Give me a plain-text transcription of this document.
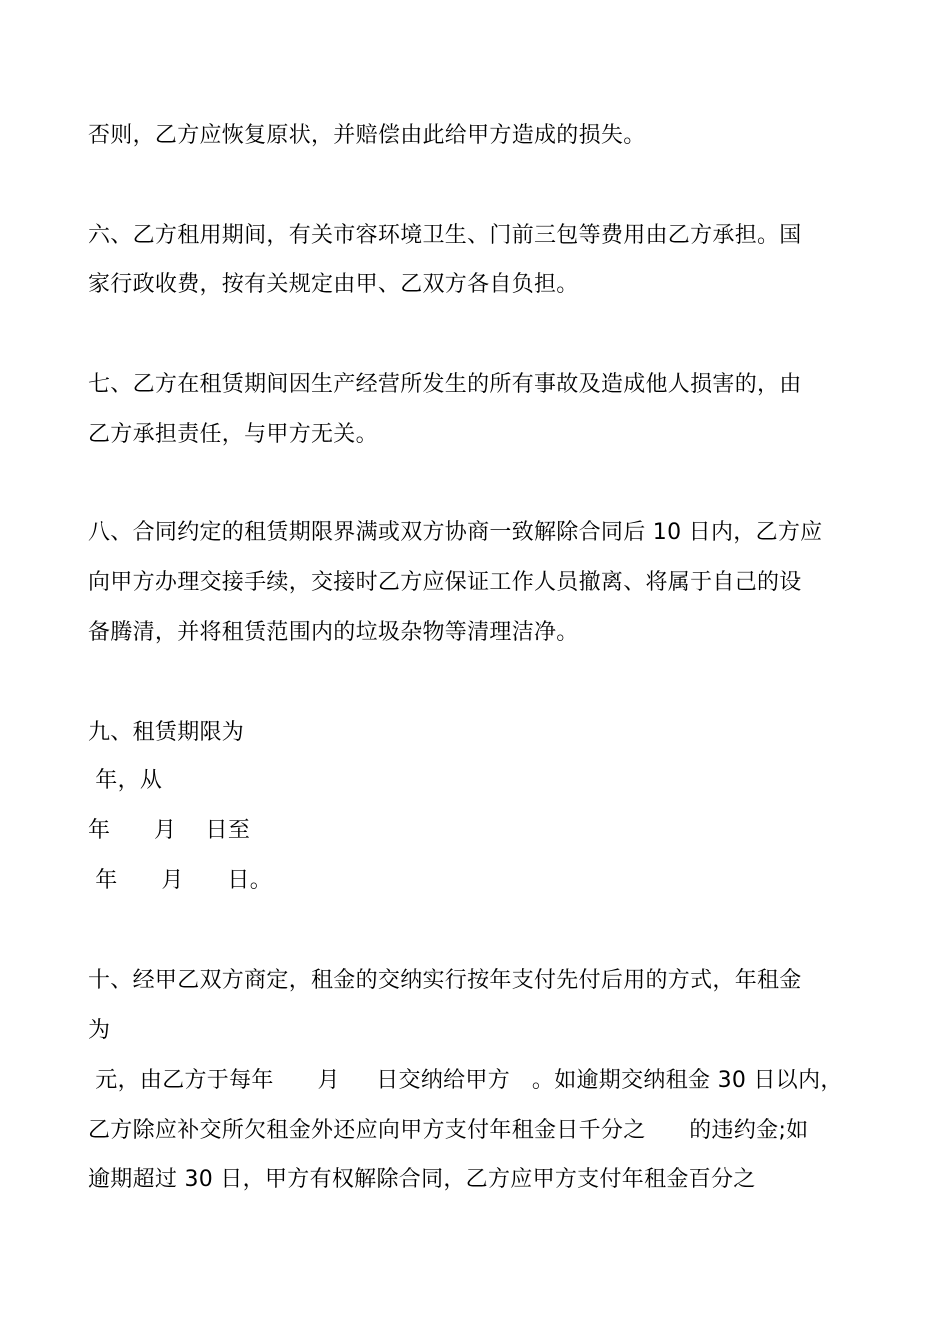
否则，乙方应恢复原状，并赔偿由此给甲方造成的损失。
六、乙方租用期间，有关市容环境卫生、门前三包等费用由乙方承担。国
家行政收费，按有关规定由甲、乙双方各自负担。
七、乙方在租赁期间因生产经营所发生的所有事故及造成他人损害的，由
乙方承担责任，与甲方无关。
八、合同约定的租赁期限界满或双方协商一致解除合同后 10 日内，乙方应
向甲方办理交接手续，交接时乙方应保证工作人员撤离、将属于自己的设
备腾清，并将租赁范围内的垃圾杂物等清理洁净。
九、租赁期限为
年，从
年      月    日至
年      月      日。
十、经甲乙双方商定，租金的交纳实行按年支付先付后用的方式，年租金
为
元，由乙方于每年      月     日交纳给甲方   。如逾期交纳租金 30 日以内，
乙方除应补交所欠租金外还应向甲方支付年租金日千分之      的违约金;如
逾期超过 30 日，甲方有权解除合同，乙方应甲方支付年租金百分之
